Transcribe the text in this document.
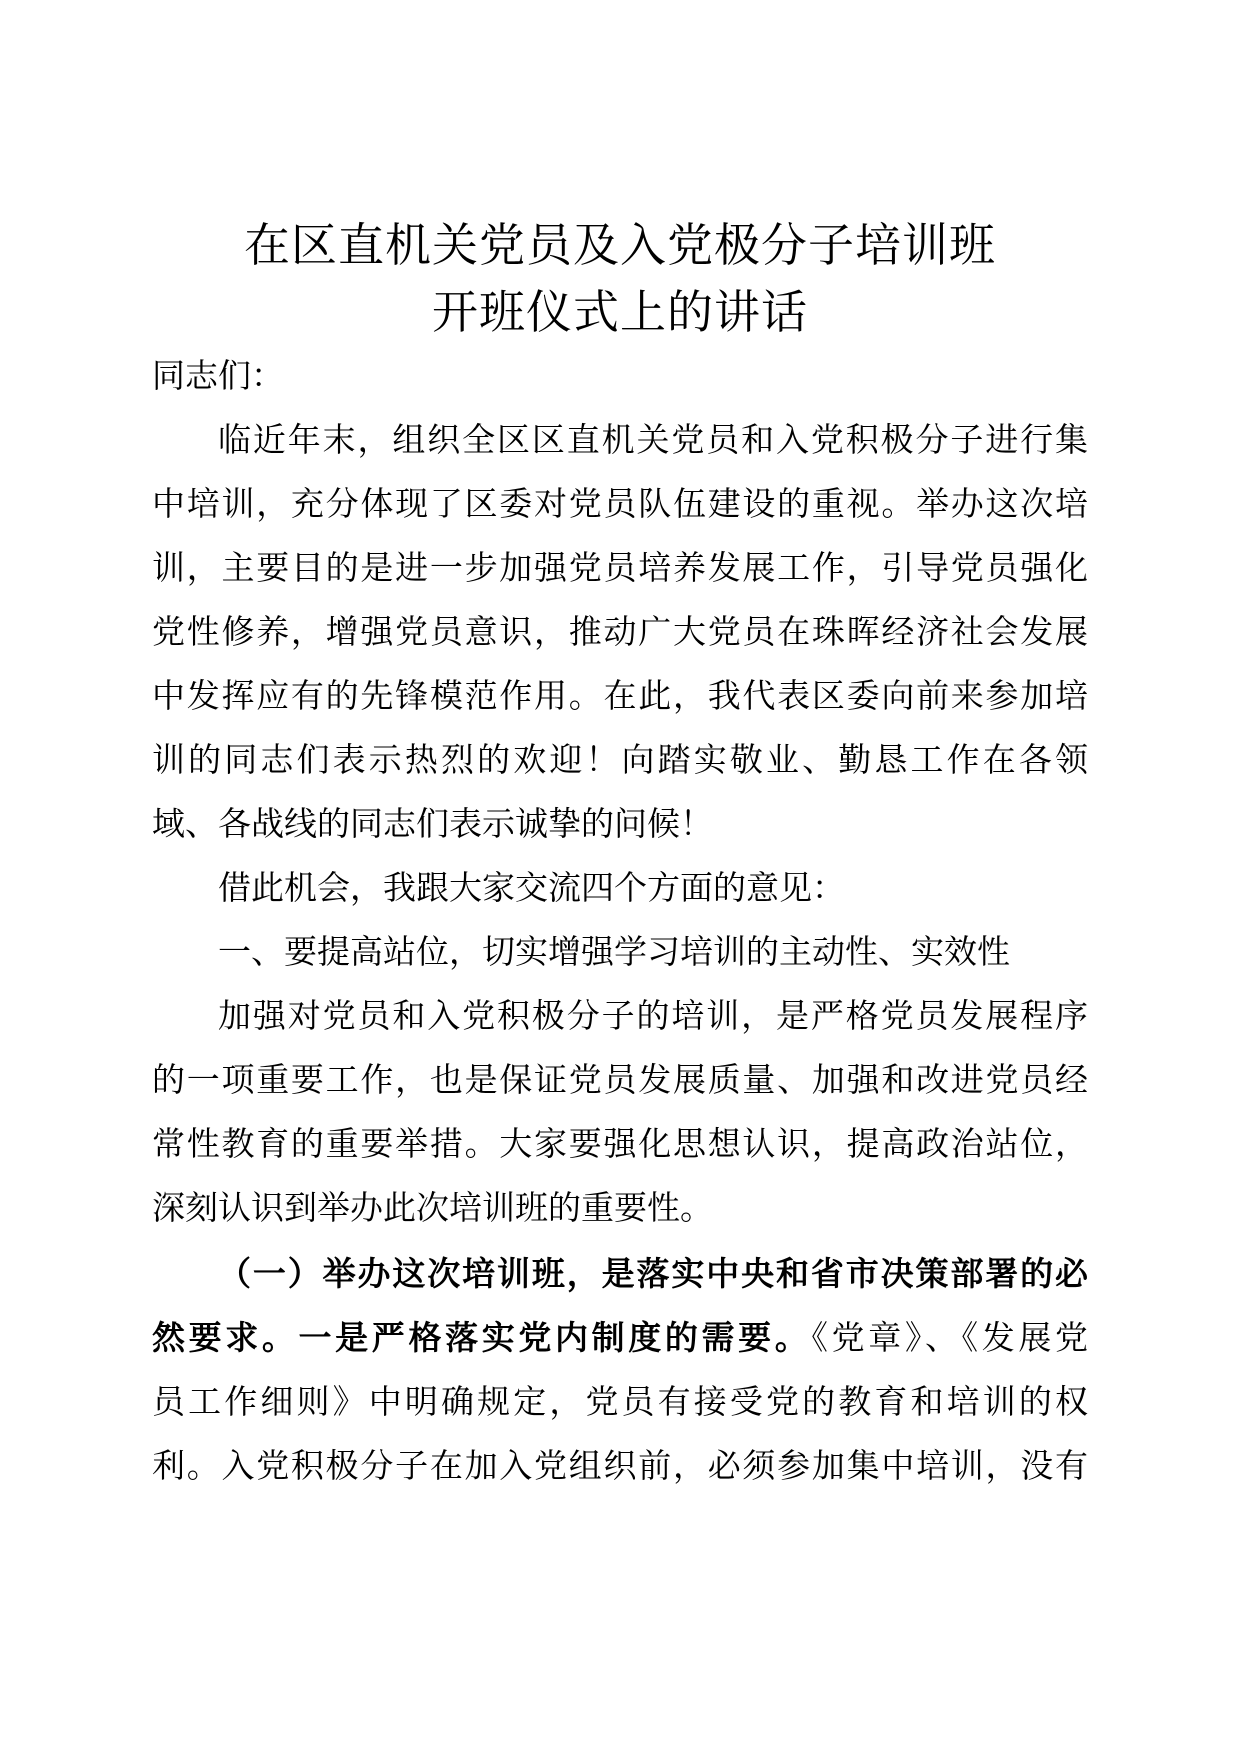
在区直机关党员及入党极分子培训班
开班仪式上的讲话
同志们：
临近年末，组织全区区直机关党员和入党积极分子进行集
中培训，充分体现了区委对党员队伍建设的重视。举办这次培
训，主要目的是进一步加强党员培养发展工作，引导党员强化
党性修养，增强党员意识，推动广大党员在珠晖经济社会发展
中发挥应有的先锋模范作用。在此，我代表区委向前来参加培
训的同志们表示热烈的欢迎！向踏实敬业、勤恳工作在各领
域、各战线的同志们表示诚挚的问候！
借此机会，我跟大家交流四个方面的意见：
一、要提高站位，切实增强学习培训的主动性、实效性
加强对党员和入党积极分子的培训，是严格党员发展程序
的一项重要工作，也是保证党员发展质量、加强和改进党员经
常性教育的重要举措。大家要强化思想认识，提高政治站位，
深刻认识到举办此次培训班的重要性。
（一）举办这次培训班，是落实中央和省市决策部署的必
然要求。一是严格落实党内制度的需要。《党章》、《发展党
员工作细则》中明确规定，党员有接受党的教育和培训的权
利。入党积极分子在加入党组织前，必须参加集中培训，没有
